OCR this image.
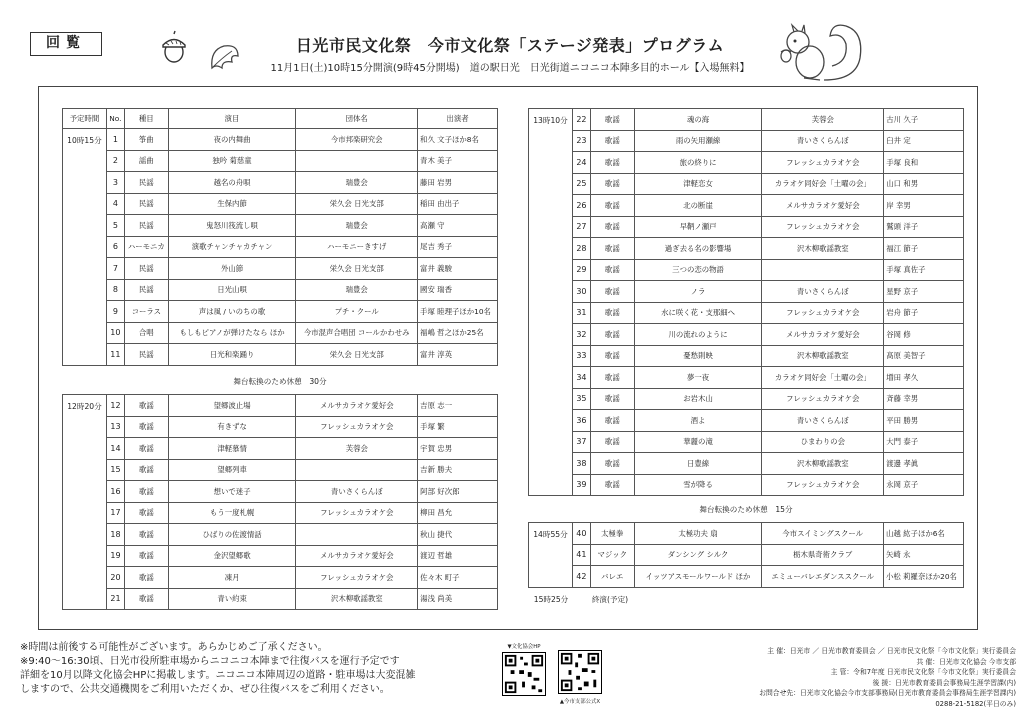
回覧	日光市民文化祭　今市文化祭「ステージ発表」プログラム
11月1日(土)10時15分開演(9時45分開場)　道の駅日光　日光街道ニコニコ本陣多目的ホール【入場無料】
予定時間	No.	種目	演目	団体名	出演者
10時15分	1	筝曲	夜の内舞曲	今市邦楽研究会	和久 文子ほか8名
	2	謡曲	独吟 菊慈童		青木 美子
	3	民謡	越名の舟唄	瑞豊会	藤田 岩男
	4	民謡	生保内節	栄久会 日光支部	稲田 由出子
	5	民謡	鬼怒川筏流し唄	瑞豊会	高瀬 守
	6	ハーモニカ	演歌チャンチャカチャン	ハーモニーきすげ	尾吉 秀子
	7	民謡	外山節	栄久会 日光支部	富井 義駿
	8	民謡	日光山唄	瑞豊会	國安 瑞香
	9	コーラス	声は風 / いのちの歌	プチ・クール	手塚 睦理子ほか10名
	10	合唱	もしもピアノが弾けたなら ほか	今市混声合唱団 コールかわせみ	福嶋 哲之ほか25名
	11	民謡	日光和楽踊り	栄久会 日光支部	富井 淳英
舞台転換のため休憩　30分
12時20分	12	歌謡	望郷波止場	メルサカラオケ愛好会	吉原 志一
	13	歌謡	有きずな	フレッシュカラオケ会	手塚 繁
	14	歌謡	津軽慕情	芙蓉会	宇賀 忠男
	15	歌謡	望郷列車		吉新 勝夫
	16	歌謡	想いで迷子	青いさくらんぼ	阿部 好次郎
	17	歌謡	もう一度札幌	フレッシュカラオケ会	柳田 昌允
	18	歌謡	ひばりの佐渡情話		秋山 捷代
	19	歌謡	金沢望郷歌	メルサカラオケ愛好会	渡辺 哲雄
	20	歌謡	凍月	フレッシュカラオケ会	佐々木 町子
	21	歌謡	青い約束	沢木柳歌謡教室	湯浅 尚美
13時10分	22	歌謡	魂の海	芙蓉会	古川 久子
	23	歌謡	雨の矢用瀬線	青いさくらんぼ	臼井 定
	24	歌謡	旅の終りに	フレッシュカラオケ会	手塚 良和
	25	歌謡	津軽恋女	カラオケ同好会「土曜の会」	山口 和男
	26	歌謡	北の断崖	メルサカラオケ愛好会	岸 幸男
	27	歌謡	早鞆ノ瀬戸	フレッシュカラオケ会	鷲頭 洋子
	28	歌謡	過ぎ去る名の影響場	沢木柳歌謡教室	福江 節子
	29	歌謡	三つの恋の物語		手塚 真佐子
	30	歌謡	ノラ	青いさくらんぼ	星野 京子
	31	歌謡	水に咲く花・支那細へ	フレッシュカラオケ会	岩舟 節子
	32	歌謡	川の流れのように	メルサカラオケ愛好会	谷岡 修
	33	歌謡	憂愁則映	沢木柳歌謡教室	髙原 美智子
	34	歌謡	夢一夜	カラオケ同好会「土曜の会」	増田 孝久
	35	歌謡	お岩木山	フレッシュカラオケ会	斉藤 幸男
	36	歌謡	酒よ	青いさくらんぼ	平田 勝男
	37	歌謡	華麗の滝	ひまわりの会	大門 泰子
	38	歌謡	日豊線	沢木柳歌謡教室	渡邊 孝眞
	39	歌謡	雪が降る	フレッシュカラオケ会	永岡 京子
舞台転換のため休憩　15分
14時55分	40	太極拳	太極功夫 扇	今市スイミングスクール	山越 紘子ほか6名
	41	マジック	ダンシング シルク	栃木県奇術クラブ	矢崎 永
	42	バレエ	イッツアスモールワールド ほか	エミューバレエダンススクール	小松 莉羅奈ほか20名
15時25分	終演(予定)
※時間は前後する可能性がございます。あらかじめご了承ください。
※9:40～16:30頃、日光市役所駐車場からニコニコ本陣まで往復バスを運行予定です
詳細を10月以降文化協会HPに掲載します。ニコニコ本陣周辺の道路・駐車場は大変混雑
しますので、公共交通機関をご利用いただくか、ぜひ往復バスをご利用ください。
▼文化協会HP
▲今市支部公式X
主 催：日光市 ／ 日光市教育委員会 ／ 日光市民文化祭「今市文化祭」実行委員会
共 催：日光市文化協会 今市支部
主 管：令和7年度 日光市民文化祭「今市文化祭」実行委員会
後 援：日光市教育委員会事務局生涯学習課(内)
お問合せ先：日光市文化協会今市支部事務局(日光市教育委員会事務局生涯学習課内)
0288-21-5182(平日のみ)
